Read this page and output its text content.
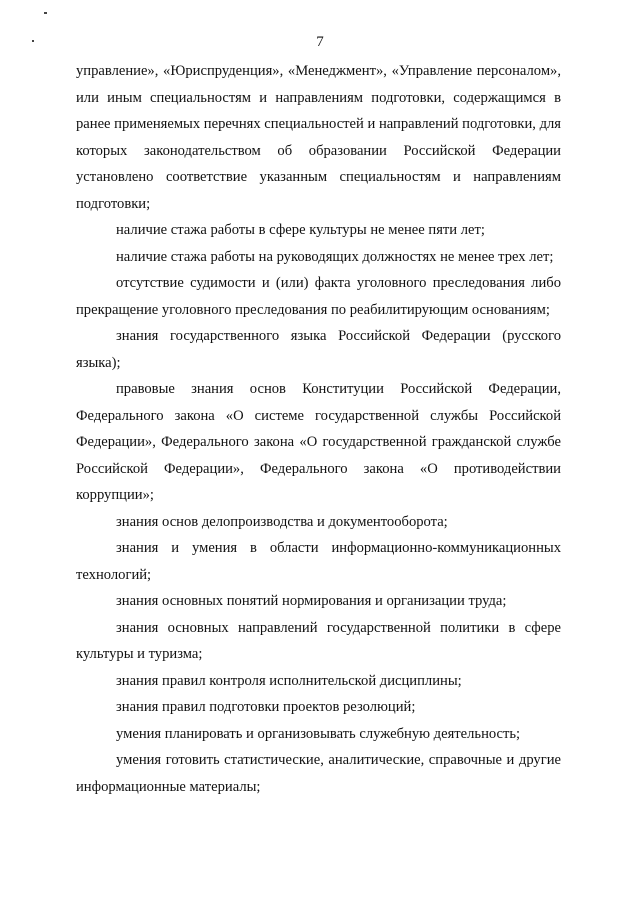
7

управление», «Юриспруденция», «Менеджмент», «Управление персоналом», или иным специальностям и направлениям подготовки, содержащимся в ранее применяемых перечнях специальностей и направлений подготовки, для которых законодательством об образовании Российской Федерации установлено соответствие указанным специальностям и направлениям подготовки;

наличие стажа работы в сфере культуры не менее пяти лет;

наличие стажа работы на руководящих должностях не менее трех лет;

отсутствие судимости и (или) факта уголовного преследования либо прекращение уголовного преследования по реабилитирующим основаниям;

знания государственного языка Российской Федерации (русского языка);

правовые знания основ Конституции Российской Федерации, Федерального закона «О системе государственной службы Российской Федерации», Федерального закона «О государственной гражданской службе Российской Федерации», Федерального закона «О противодействии коррупции»;

знания основ делопроизводства и документооборота;

знания и умения в области информационно-коммуникационных технологий;

знания основных понятий нормирования и организации труда;

знания основных направлений государственной политики в сфере культуры и туризма;

знания правил контроля исполнительской дисциплины;

знания правил подготовки проектов резолюций;

умения планировать и организовывать служебную деятельность;

умения готовить статистические, аналитические, справочные и другие информационные материалы;
